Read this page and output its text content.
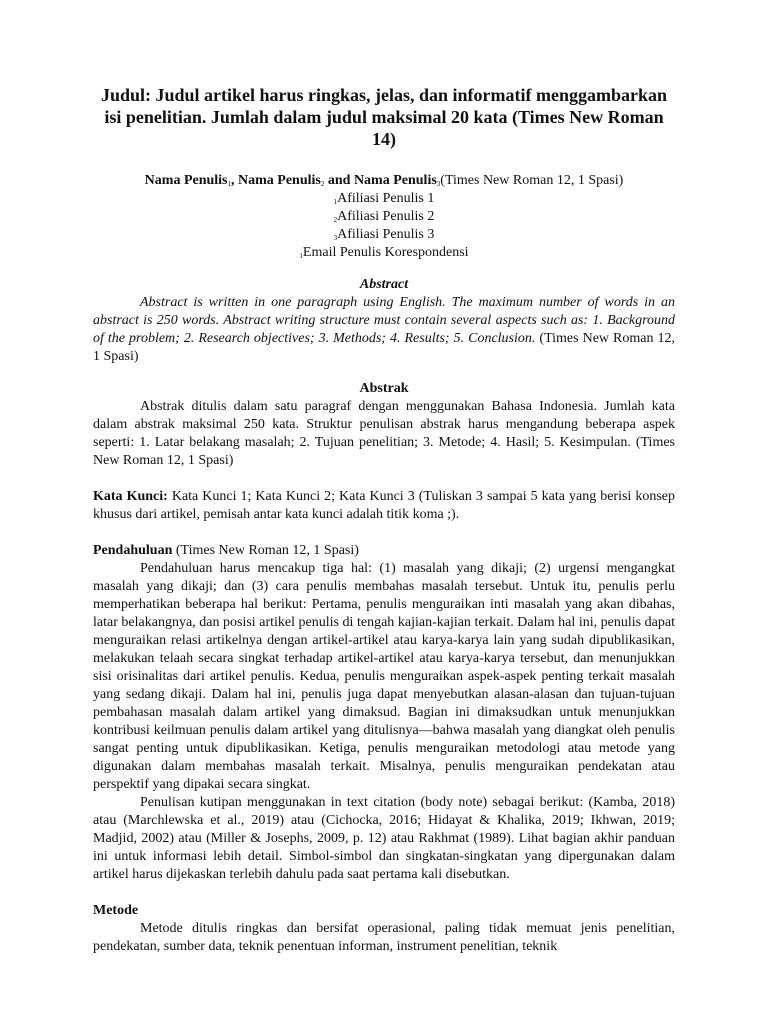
Judul: Judul artikel harus ringkas, jelas, dan informatif menggambarkan isi penelitian. Jumlah dalam judul maksimal 20 kata (Times New Roman 14)

Nama Penulis$^1$, Nama Penulis$^2$ and Nama Penulis$^3$(Times New Roman 12, 1 Spasi)

$^1$Afiliasi Penulis 1

$^2$Afiliasi Penulis 2

$^3$Afiliasi Penulis 3

$^1$Email Penulis Korespondensi

Abstract

Abstract is written in one paragraph using English. The maximum number of words in an abstract is 250 words. Abstract writing structure must contain several aspects such as: 1. Background of the problem; 2. Research objectives; 3. Methods; 4. Results; 5. Conclusion. (Times New Roman 12, 1 Spasi)

Abstrak

Abstrak ditulis dalam satu paragraf dengan menggunakan Bahasa Indonesia. Jumlah kata dalam abstrak maksimal 250 kata. Struktur penulisan abstrak harus mengandung beberapa aspek seperti: 1. Latar belakang masalah; 2. Tujuan penelitian; 3. Metode; 4. Hasil; 5. Kesimpulan. (Times New Roman 12, 1 Spasi)

Kata Kunci: Kata Kunci 1; Kata Kunci 2; Kata Kunci 3 (Tuliskan 3 sampai 5 kata yang berisi konsep khusus dari artikel, pemisah antar kata kunci adalah titik koma ;).

Pendahuluan (Times New Roman 12, 1 Spasi)

Pendahuluan harus mencakup tiga hal: (1) masalah yang dikaji; (2) urgensi mengangkat masalah yang dikaji; dan (3) cara penulis membahas masalah tersebut. Untuk itu, penulis perlu memperhatikan beberapa hal berikut: Pertama, penulis menguraikan inti masalah yang akan dibahas, latar belakangnya, dan posisi artikel penulis di tengah kajian-kajian terkait. Dalam hal ini, penulis dapat menguraikan relasi artikelnya dengan artikel-artikel atau karya-karya lain yang sudah dipublikasikan, melakukan telaah secara singkat terhadap artikel-artikel atau karya-karya tersebut, dan menunjukkan sisi orisinalitas dari artikel penulis. Kedua, penulis menguraikan aspek-aspek penting terkait masalah yang sedang dikaji. Dalam hal ini, penulis juga dapat menyebutkan alasan-alasan dan tujuan-tujuan pembahasan masalah dalam artikel yang dimaksud. Bagian ini dimaksudkan untuk menunjukkan kontribusi keilmuan penulis dalam artikel yang ditulisnya—bahwa masalah yang diangkat oleh penulis sangat penting untuk dipublikasikan. Ketiga, penulis menguraikan metodologi atau metode yang digunakan dalam membahas masalah terkait. Misalnya, penulis menguraikan pendekatan atau perspektif yang dipakai secara singkat.

Penulisan kutipan menggunakan in text citation (body note) sebagai berikut: (Kamba, 2018) atau (Marchlewska et al., 2019) atau (Cichocka, 2016; Hidayat & Khalika, 2019; Ikhwan, 2019; Madjid, 2002) atau (Miller & Josephs, 2009, p. 12) atau Rakhmat (1989). Lihat bagian akhir panduan ini untuk informasi lebih detail. Simbol-simbol dan singkatan-singkatan yang dipergunakan dalam artikel harus dijekaskan terlebih dahulu pada saat pertama kali disebutkan.

Metode

Metode ditulis ringkas dan bersifat operasional, paling tidak memuat jenis penelitian, pendekatan, sumber data, teknik penentuan informan, instrument penelitian, teknik
